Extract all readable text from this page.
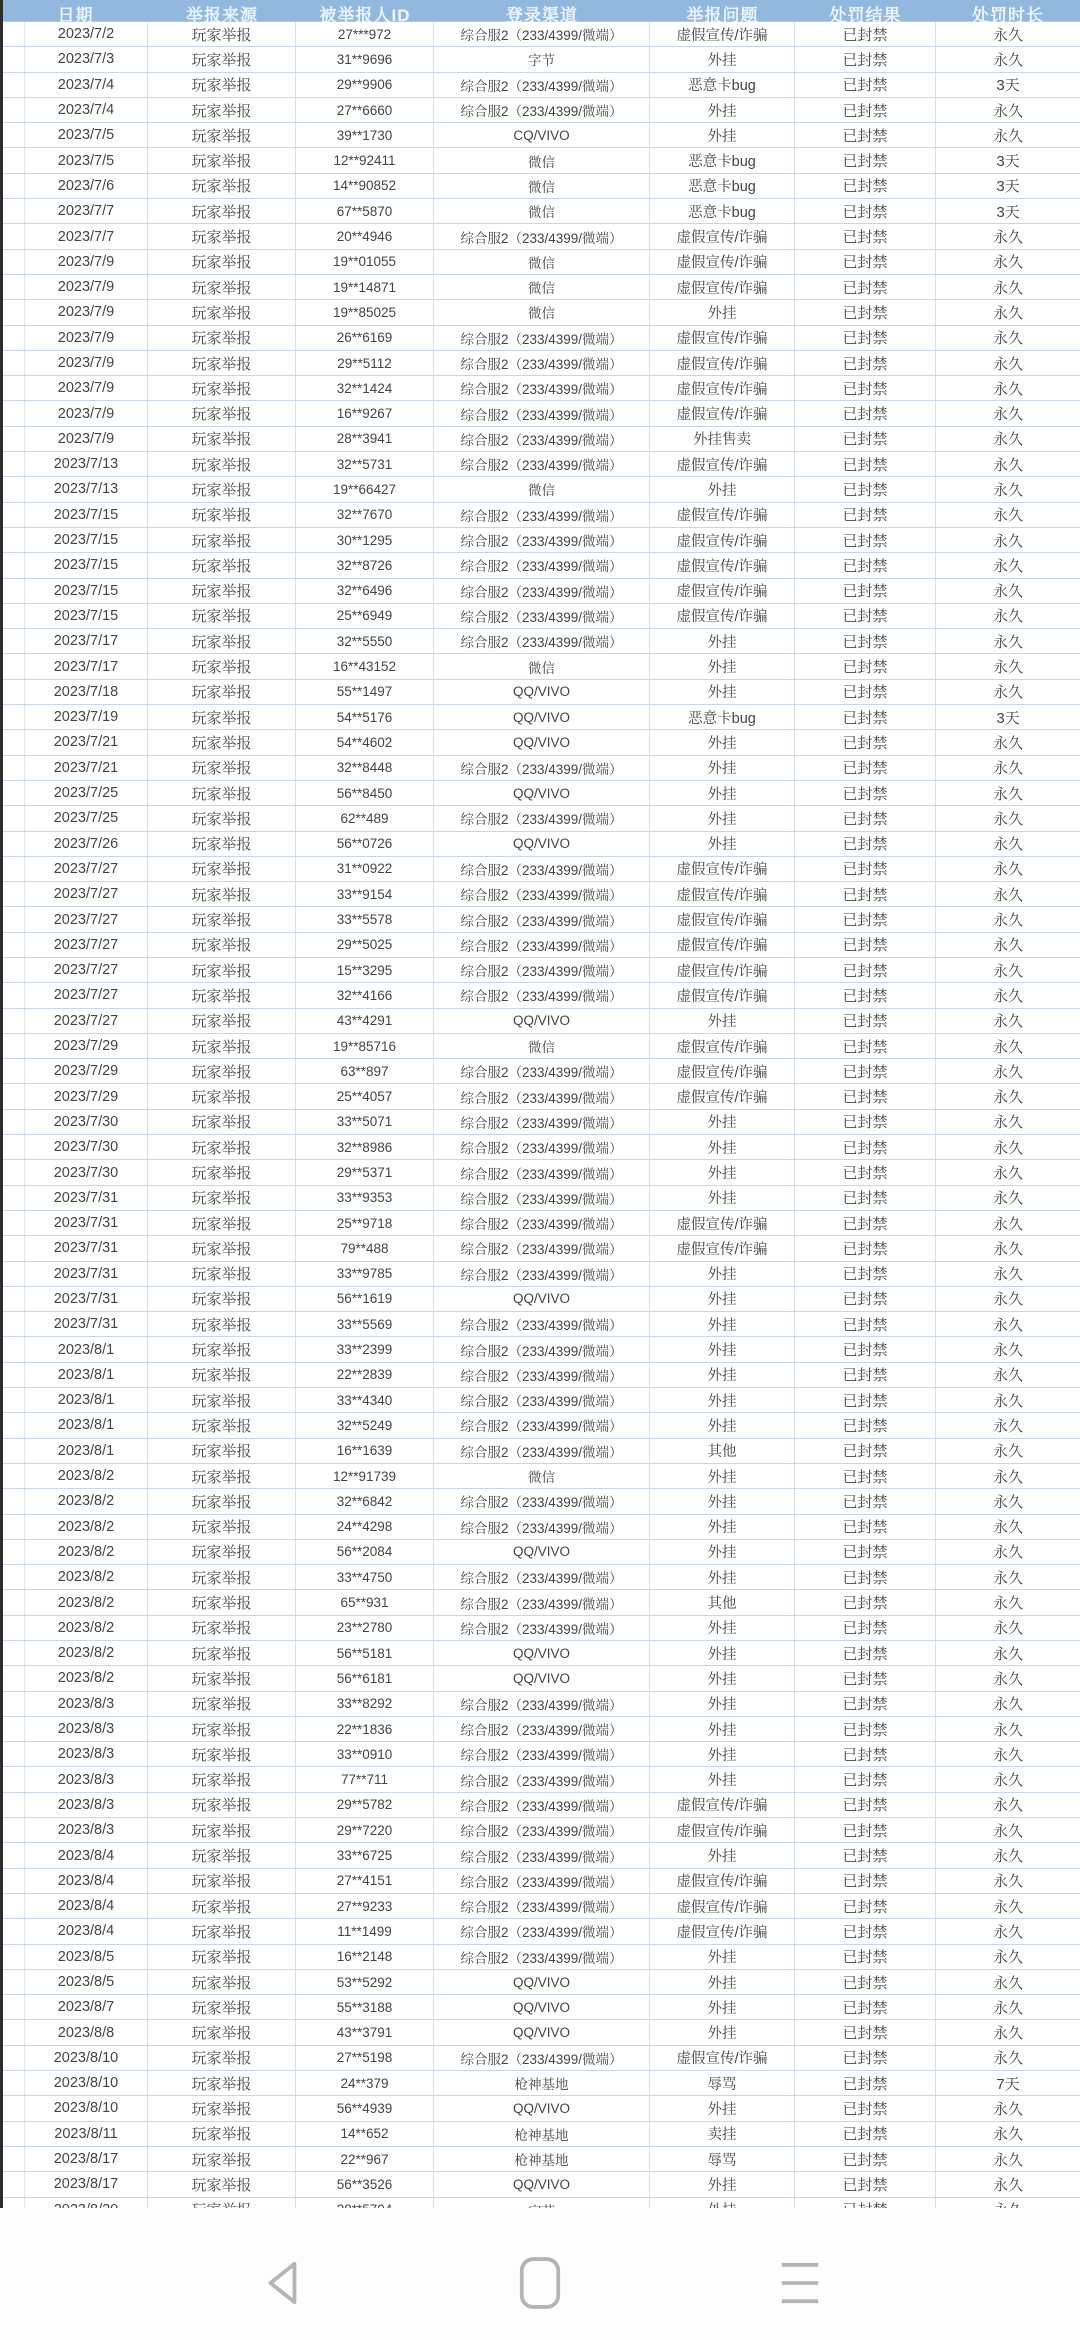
日期	举报来源	被举报人ID	登录渠道	举报问题	处罚结果	处罚时长
2023/7/2	玩家举报	27***972	综合服2（233/4399/微端）	虚假宣传/诈骗	已封禁	永久
2023/7/3	玩家举报	31**9696	字节	外挂	已封禁	永久
2023/7/4	玩家举报	29**9906	综合服2（233/4399/微端）	恶意卡bug	已封禁	3天
2023/7/4	玩家举报	27**6660	综合服2（233/4399/微端）	外挂	已封禁	永久
2023/7/5	玩家举报	39**1730	CQ/VIVO	外挂	已封禁	永久
2023/7/5	玩家举报	12**92411	微信	恶意卡bug	已封禁	3天
2023/7/6	玩家举报	14**90852	微信	恶意卡bug	已封禁	3天
2023/7/7	玩家举报	67**5870	微信	恶意卡bug	已封禁	3天
2023/7/7	玩家举报	20**4946	综合服2（233/4399/微端）	虚假宣传/诈骗	已封禁	永久
2023/7/9	玩家举报	19**01055	微信	虚假宣传/诈骗	已封禁	永久
2023/7/9	玩家举报	19**14871	微信	虚假宣传/诈骗	已封禁	永久
2023/7/9	玩家举报	19**85025	微信	外挂	已封禁	永久
2023/7/9	玩家举报	26**6169	综合服2（233/4399/微端）	虚假宣传/诈骗	已封禁	永久
2023/7/9	玩家举报	29**5112	综合服2（233/4399/微端）	虚假宣传/诈骗	已封禁	永久
2023/7/9	玩家举报	32**1424	综合服2（233/4399/微端）	虚假宣传/诈骗	已封禁	永久
2023/7/9	玩家举报	16**9267	综合服2（233/4399/微端）	虚假宣传/诈骗	已封禁	永久
2023/7/9	玩家举报	28**3941	综合服2（233/4399/微端）	外挂售卖	已封禁	永久
2023/7/13	玩家举报	32**5731	综合服2（233/4399/微端）	虚假宣传/诈骗	已封禁	永久
2023/7/13	玩家举报	19**66427	微信	外挂	已封禁	永久
2023/7/15	玩家举报	32**7670	综合服2（233/4399/微端）	虚假宣传/诈骗	已封禁	永久
2023/7/15	玩家举报	30**1295	综合服2（233/4399/微端）	虚假宣传/诈骗	已封禁	永久
2023/7/15	玩家举报	32**8726	综合服2（233/4399/微端）	虚假宣传/诈骗	已封禁	永久
2023/7/15	玩家举报	32**6496	综合服2（233/4399/微端）	虚假宣传/诈骗	已封禁	永久
2023/7/15	玩家举报	25**6949	综合服2（233/4399/微端）	虚假宣传/诈骗	已封禁	永久
2023/7/17	玩家举报	32**5550	综合服2（233/4399/微端）	外挂	已封禁	永久
2023/7/17	玩家举报	16**43152	微信	外挂	已封禁	永久
2023/7/18	玩家举报	55**1497	QQ/VIVO	外挂	已封禁	永久
2023/7/19	玩家举报	54**5176	QQ/VIVO	恶意卡bug	已封禁	3天
2023/7/21	玩家举报	54**4602	QQ/VIVO	外挂	已封禁	永久
2023/7/21	玩家举报	32**8448	综合服2（233/4399/微端）	外挂	已封禁	永久
2023/7/25	玩家举报	56**8450	QQ/VIVO	外挂	已封禁	永久
2023/7/25	玩家举报	62**489	综合服2（233/4399/微端）	外挂	已封禁	永久
2023/7/26	玩家举报	56**0726	QQ/VIVO	外挂	已封禁	永久
2023/7/27	玩家举报	31**0922	综合服2（233/4399/微端）	虚假宣传/诈骗	已封禁	永久
2023/7/27	玩家举报	33**9154	综合服2（233/4399/微端）	虚假宣传/诈骗	已封禁	永久
2023/7/27	玩家举报	33**5578	综合服2（233/4399/微端）	虚假宣传/诈骗	已封禁	永久
2023/7/27	玩家举报	29**5025	综合服2（233/4399/微端）	虚假宣传/诈骗	已封禁	永久
2023/7/27	玩家举报	15**3295	综合服2（233/4399/微端）	虚假宣传/诈骗	已封禁	永久
2023/7/27	玩家举报	32**4166	综合服2（233/4399/微端）	虚假宣传/诈骗	已封禁	永久
2023/7/27	玩家举报	43**4291	QQ/VIVO	外挂	已封禁	永久
2023/7/29	玩家举报	19**85716	微信	虚假宣传/诈骗	已封禁	永久
2023/7/29	玩家举报	63**897	综合服2（233/4399/微端）	虚假宣传/诈骗	已封禁	永久
2023/7/29	玩家举报	25**4057	综合服2（233/4399/微端）	虚假宣传/诈骗	已封禁	永久
2023/7/30	玩家举报	33**5071	综合服2（233/4399/微端）	外挂	已封禁	永久
2023/7/30	玩家举报	32**8986	综合服2（233/4399/微端）	外挂	已封禁	永久
2023/7/30	玩家举报	29**5371	综合服2（233/4399/微端）	外挂	已封禁	永久
2023/7/31	玩家举报	33**9353	综合服2（233/4399/微端）	外挂	已封禁	永久
2023/7/31	玩家举报	25**9718	综合服2（233/4399/微端）	虚假宣传/诈骗	已封禁	永久
2023/7/31	玩家举报	79**488	综合服2（233/4399/微端）	虚假宣传/诈骗	已封禁	永久
2023/7/31	玩家举报	33**9785	综合服2（233/4399/微端）	外挂	已封禁	永久
2023/7/31	玩家举报	56**1619	QQ/VIVO	外挂	已封禁	永久
2023/7/31	玩家举报	33**5569	综合服2（233/4399/微端）	外挂	已封禁	永久
2023/8/1	玩家举报	33**2399	综合服2（233/4399/微端）	外挂	已封禁	永久
2023/8/1	玩家举报	22**2839	综合服2（233/4399/微端）	外挂	已封禁	永久
2023/8/1	玩家举报	33**4340	综合服2（233/4399/微端）	外挂	已封禁	永久
2023/8/1	玩家举报	32**5249	综合服2（233/4399/微端）	外挂	已封禁	永久
2023/8/1	玩家举报	16**1639	综合服2（233/4399/微端）	其他	已封禁	永久
2023/8/2	玩家举报	12**91739	微信	外挂	已封禁	永久
2023/8/2	玩家举报	32**6842	综合服2（233/4399/微端）	外挂	已封禁	永久
2023/8/2	玩家举报	24**4298	综合服2（233/4399/微端）	外挂	已封禁	永久
2023/8/2	玩家举报	56**2084	QQ/VIVO	外挂	已封禁	永久
2023/8/2	玩家举报	33**4750	综合服2（233/4399/微端）	外挂	已封禁	永久
2023/8/2	玩家举报	65**931	综合服2（233/4399/微端）	其他	已封禁	永久
2023/8/2	玩家举报	23**2780	综合服2（233/4399/微端）	外挂	已封禁	永久
2023/8/2	玩家举报	56**5181	QQ/VIVO	外挂	已封禁	永久
2023/8/2	玩家举报	56**6181	QQ/VIVO	外挂	已封禁	永久
2023/8/3	玩家举报	33**8292	综合服2（233/4399/微端）	外挂	已封禁	永久
2023/8/3	玩家举报	22**1836	综合服2（233/4399/微端）	外挂	已封禁	永久
2023/8/3	玩家举报	33**0910	综合服2（233/4399/微端）	外挂	已封禁	永久
2023/8/3	玩家举报	77**711	综合服2（233/4399/微端）	外挂	已封禁	永久
2023/8/3	玩家举报	29**5782	综合服2（233/4399/微端）	虚假宣传/诈骗	已封禁	永久
2023/8/3	玩家举报	29**7220	综合服2（233/4399/微端）	虚假宣传/诈骗	已封禁	永久
2023/8/4	玩家举报	33**6725	综合服2（233/4399/微端）	外挂	已封禁	永久
2023/8/4	玩家举报	27**4151	综合服2（233/4399/微端）	虚假宣传/诈骗	已封禁	永久
2023/8/4	玩家举报	27**9233	综合服2（233/4399/微端）	虚假宣传/诈骗	已封禁	永久
2023/8/4	玩家举报	11**1499	综合服2（233/4399/微端）	虚假宣传/诈骗	已封禁	永久
2023/8/5	玩家举报	16**2148	综合服2（233/4399/微端）	外挂	已封禁	永久
2023/8/5	玩家举报	53**5292	QQ/VIVO	外挂	已封禁	永久
2023/8/7	玩家举报	55**3188	QQ/VIVO	外挂	已封禁	永久
2023/8/8	玩家举报	43**3791	QQ/VIVO	外挂	已封禁	永久
2023/8/10	玩家举报	27**5198	综合服2（233/4399/微端）	虚假宣传/诈骗	已封禁	永久
2023/8/10	玩家举报	24**379	枪神基地	辱骂	已封禁	7天
2023/8/10	玩家举报	56**4939	QQ/VIVO	外挂	已封禁	永久
2023/8/11	玩家举报	14**652	枪神基地	卖挂	已封禁	永久
2023/8/17	玩家举报	22**967	枪神基地	辱骂	已封禁	永久
2023/8/17	玩家举报	56**3526	QQ/VIVO	外挂	已封禁	永久
